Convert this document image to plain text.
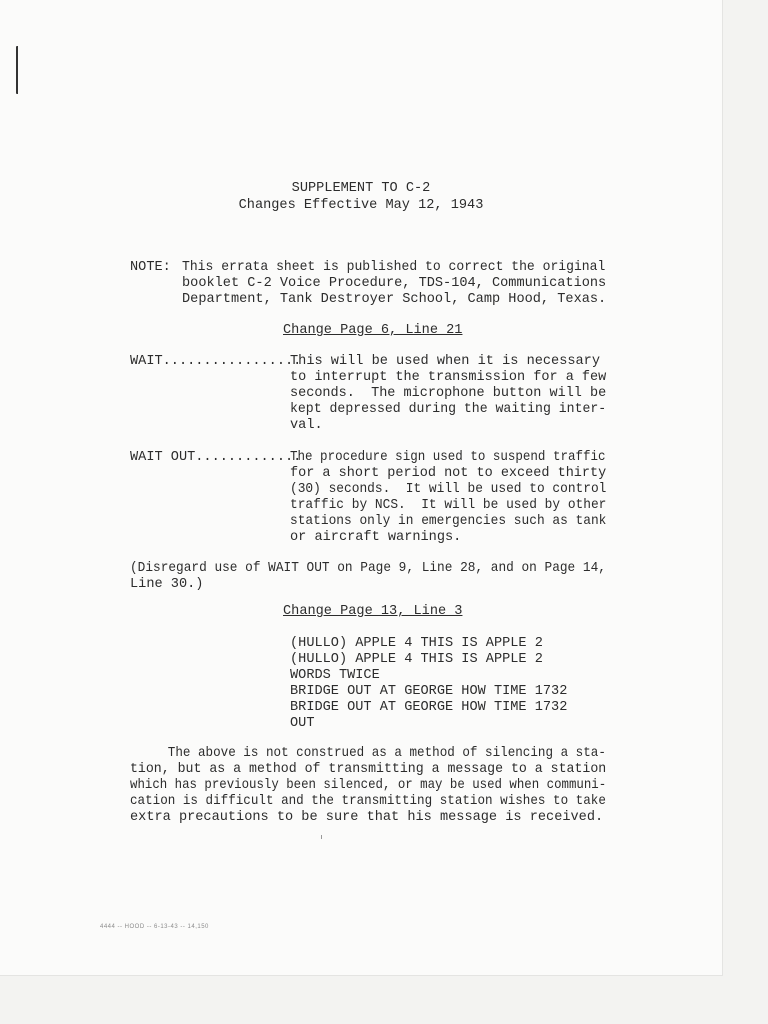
SUPPLEMENT TO C-2
Changes Effective May 12, 1943
NOTE: This errata sheet is published to correct the original
booklet C-2 Voice Procedure, TDS-104, Communications
Department, Tank Destroyer School, Camp Hood, Texas.
Change Page 6, Line 21
WAIT.................
This will be used when it is necessary
to interrupt the transmission for a few
seconds.  The microphone button will be
kept depressed during the waiting inter-
val.
WAIT OUT.............
The procedure sign used to suspend traffic
for a short period not to exceed thirty
(30) seconds.  It will be used to control
traffic by NCS.  It will be used by other
stations only in emergencies such as tank
or aircraft warnings.
(Disregard use of WAIT OUT on Page 9, Line 28, and on Page 14,
Line 30.)
Change Page 13, Line 3
(HULLO) APPLE 4 THIS IS APPLE 2
(HULLO) APPLE 4 THIS IS APPLE 2
WORDS TWICE
BRIDGE OUT AT GEORGE HOW TIME 1732
BRIDGE OUT AT GEORGE HOW TIME 1732
OUT
The above is not construed as a method of silencing a sta-
tion, but as a method of transmitting a message to a station
which has previously been silenced, or may be used when communi-
cation is difficult and the transmitting station wishes to take
extra precautions to be sure that his message is received.
4444 -- HOOD -- 6-13-43 -- 14,150
